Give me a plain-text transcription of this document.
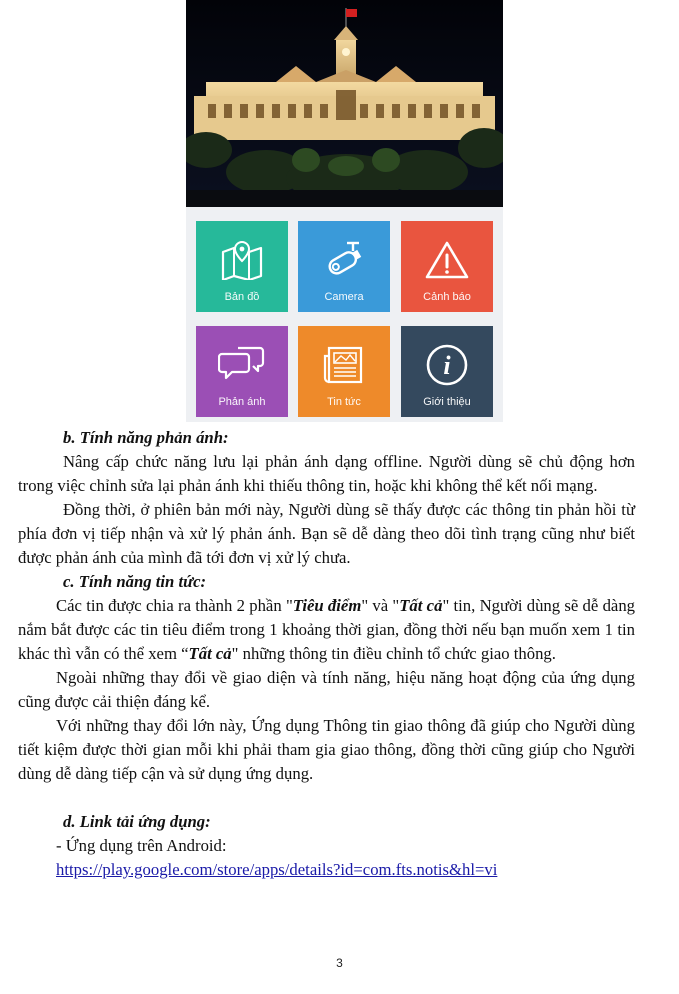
Bản đồ	Camera	Cảnh báo
Phản ánh	Tin tức
i
Giới thiệu

b. Tính năng phản ánh:

Nâng cấp chức năng lưu lại phản ánh dạng offline. Người dùng sẽ chủ động hơn trong việc chỉnh sửa lại phản ánh khi thiếu thông tin, hoặc khi không thể kết nối mạng.

Đồng thời, ở phiên bản mới này, Người dùng sẽ thấy được các thông tin phản hồi từ phía đơn vị tiếp nhận và xử lý phản ánh. Bạn sẽ dễ dàng theo dõi tình trạng cũng như biết được phản ánh của mình đã tới đơn vị xử lý chưa.

c. Tính năng tin tức:

Các tin được chia ra thành 2 phần "Tiêu điểm" và "Tất cả" tin, Người dùng sẽ dễ dàng nắm bắt được các tin tiêu điểm trong 1 khoảng thời gian, đồng thời nếu bạn muốn xem 1 tin khác thì vẫn có thể xem “Tất cả" những thông tin điều chỉnh tổ chức giao thông.

Ngoài những thay đổi về giao diện và tính năng, hiệu năng hoạt động của ứng dụng cũng được cải thiện đáng kể.

Với những thay đổi lớn này, Ứng dụng Thông tin giao thông đã giúp cho Người dùng tiết kiệm được thời gian mỗi khi phải tham gia giao thông, đồng thời cũng giúp cho Người dùng dễ dàng tiếp cận và sử dụng ứng dụng.

d. Link tải ứng dụng:

- Ứng dụng trên Android:

https://play.google.com/store/apps/details?id=com.fts.notis&hl=vi

3
